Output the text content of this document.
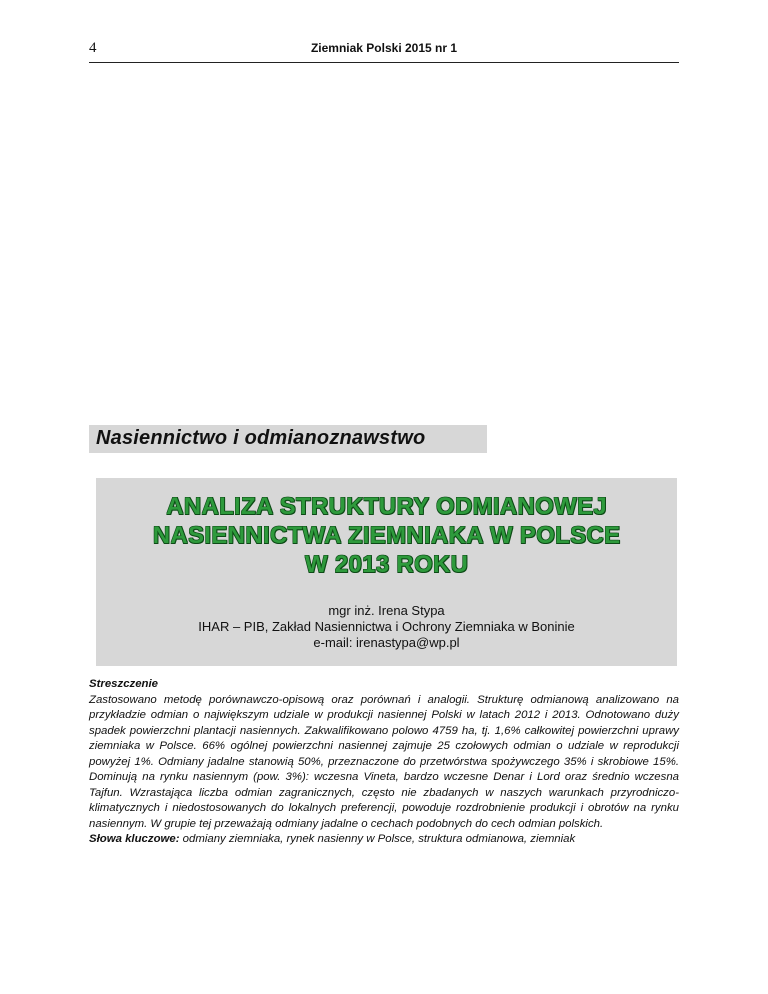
4	Ziemniak Polski 2015 nr 1
Nasiennictwo i odmianoznawstwo
ANALIZA STRUKTURY ODMIANOWEJ
NASIENNICTWA ZIEMNIAKA W POLSCE
W 2013 ROKU
mgr inż. Irena Stypa
IHAR – PIB, Zakład Nasiennictwa i Ochrony Ziemniaka w Boninie
e-mail: irenastypa@wp.pl
Streszczenie
Zastosowano metodę porównawczo-opisową oraz porównań i analogii. Strukturę odmianową analizowano na przykładzie odmian o największym udziale w produkcji nasiennej Polski w latach 2012 i 2013. Odnotowano duży spadek powierzchni plantacji nasiennych. Zakwalifikowano polowo 4759 ha, tj. 1,6% całkowitej powierzchni uprawy ziemniaka w Polsce. 66% ogólnej powierzchni nasiennej zajmuje 25 czołowych odmian o udziale w reprodukcji powyżej 1%. Odmiany jadalne stanowią 50%, przeznaczone do przetwórstwa spożywczego 35% i skrobiowe 15%. Dominują na rynku nasiennym (pow. 3%): wczesna Vineta, bardzo wczesne Denar i Lord oraz średnio wczesna Tajfun. Wzrastająca liczba odmian zagranicznych, często nie zbadanych w naszych warunkach przyrodniczo-klimatycznych i niedostosowanych do lokalnych preferencji, powoduje rozdrobnienie produkcji i obrotów na rynku nasiennym. W grupie tej przeważają odmiany jadalne o cechach podobnych do cech odmian polskich.
Słowa kluczowe: odmiany ziemniaka, rynek nasienny w Polsce, struktura odmianowa, ziemniak
